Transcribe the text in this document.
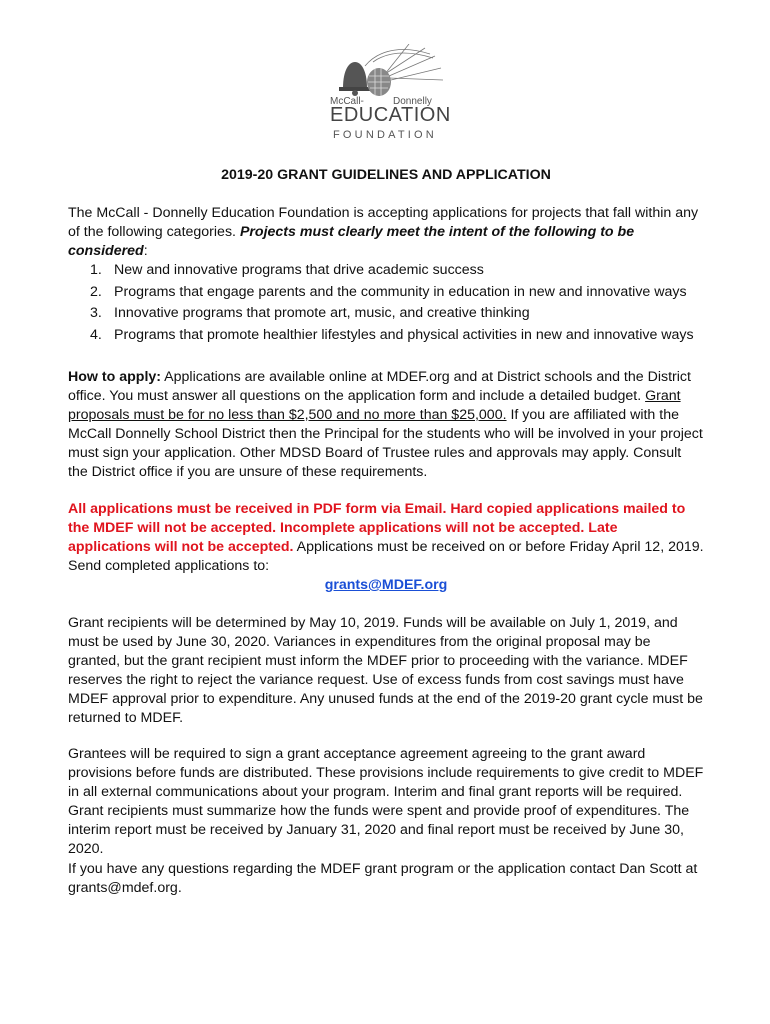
McCall-	Donnelly
EDUCATION
FOUNDATION
2019-20 GRANT GUIDELINES AND APPLICATION

The McCall - Donnelly Education Foundation is accepting applications for projects that fall within any of the following categories. Projects must clearly meet the intent of the following to be considered:

1. New and innovative programs that drive academic success
2. Programs that engage parents and the community in education in new and innovative ways
3. Innovative programs that promote art, music, and creative thinking
4. Programs that promote healthier lifestyles and physical activities in new and innovative ways

How to apply: Applications are available online at MDEF.org and at District schools and the District office. You must answer all questions on the application form and include a detailed budget. Grant proposals must be for no less than $2,500 and no more than $25,000. If you are affiliated with the McCall Donnelly School District then the Principal for the students who will be involved in your project must sign your application. Other MDSD Board of Trustee rules and approvals may apply. Consult the District office if you are unsure of these requirements.

All applications must be received in PDF form via Email. Hard copied applications mailed to the MDEF will not be accepted. Incomplete applications will not be accepted. Late applications will not be accepted. Applications must be received on or before Friday April 12, 2019. Send completed applications to:

grants@MDEF.org

Grant recipients will be determined by May 10, 2019. Funds will be available on July 1, 2019, and must be used by June 30, 2020. Variances in expenditures from the original proposal may be granted, but the grant recipient must inform the MDEF prior to proceeding with the variance. MDEF reserves the right to reject the variance request. Use of excess funds from cost savings must have MDEF approval prior to expenditure. Any unused funds at the end of the 2019-20 grant cycle must be returned to MDEF.

Grantees will be required to sign a grant acceptance agreement agreeing to the grant award provisions before funds are distributed. These provisions include requirements to give credit to MDEF in all external communications about your program. Interim and final grant reports will be required. Grant recipients must summarize how the funds were spent and provide proof of expenditures. The interim report must be received by January 31, 2020 and final report must be received by June 30, 2020.

If you have any questions regarding the MDEF grant program or the application contact Dan Scott at grants@mdef.org.
